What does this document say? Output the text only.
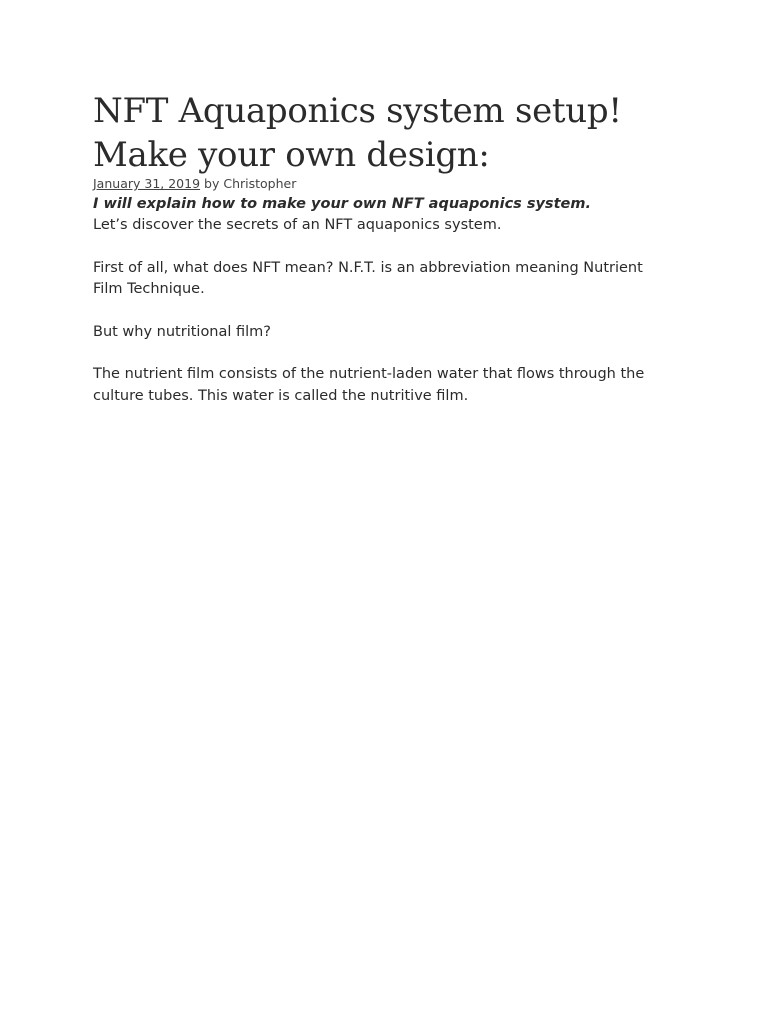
NFT Aquaponics system setup!
Make your own design:
January 31, 2019 by Christopher

I will explain how to make your own NFT aquaponics system.

Let’s discover the secrets of an NFT aquaponics system.

First of all, what does NFT mean? N.F.T. is an abbreviation meaning Nutrient Film Technique.

But why nutritional film?

The nutrient film consists of the nutrient-laden water that flows through the culture tubes. This water is called the nutritive film.
